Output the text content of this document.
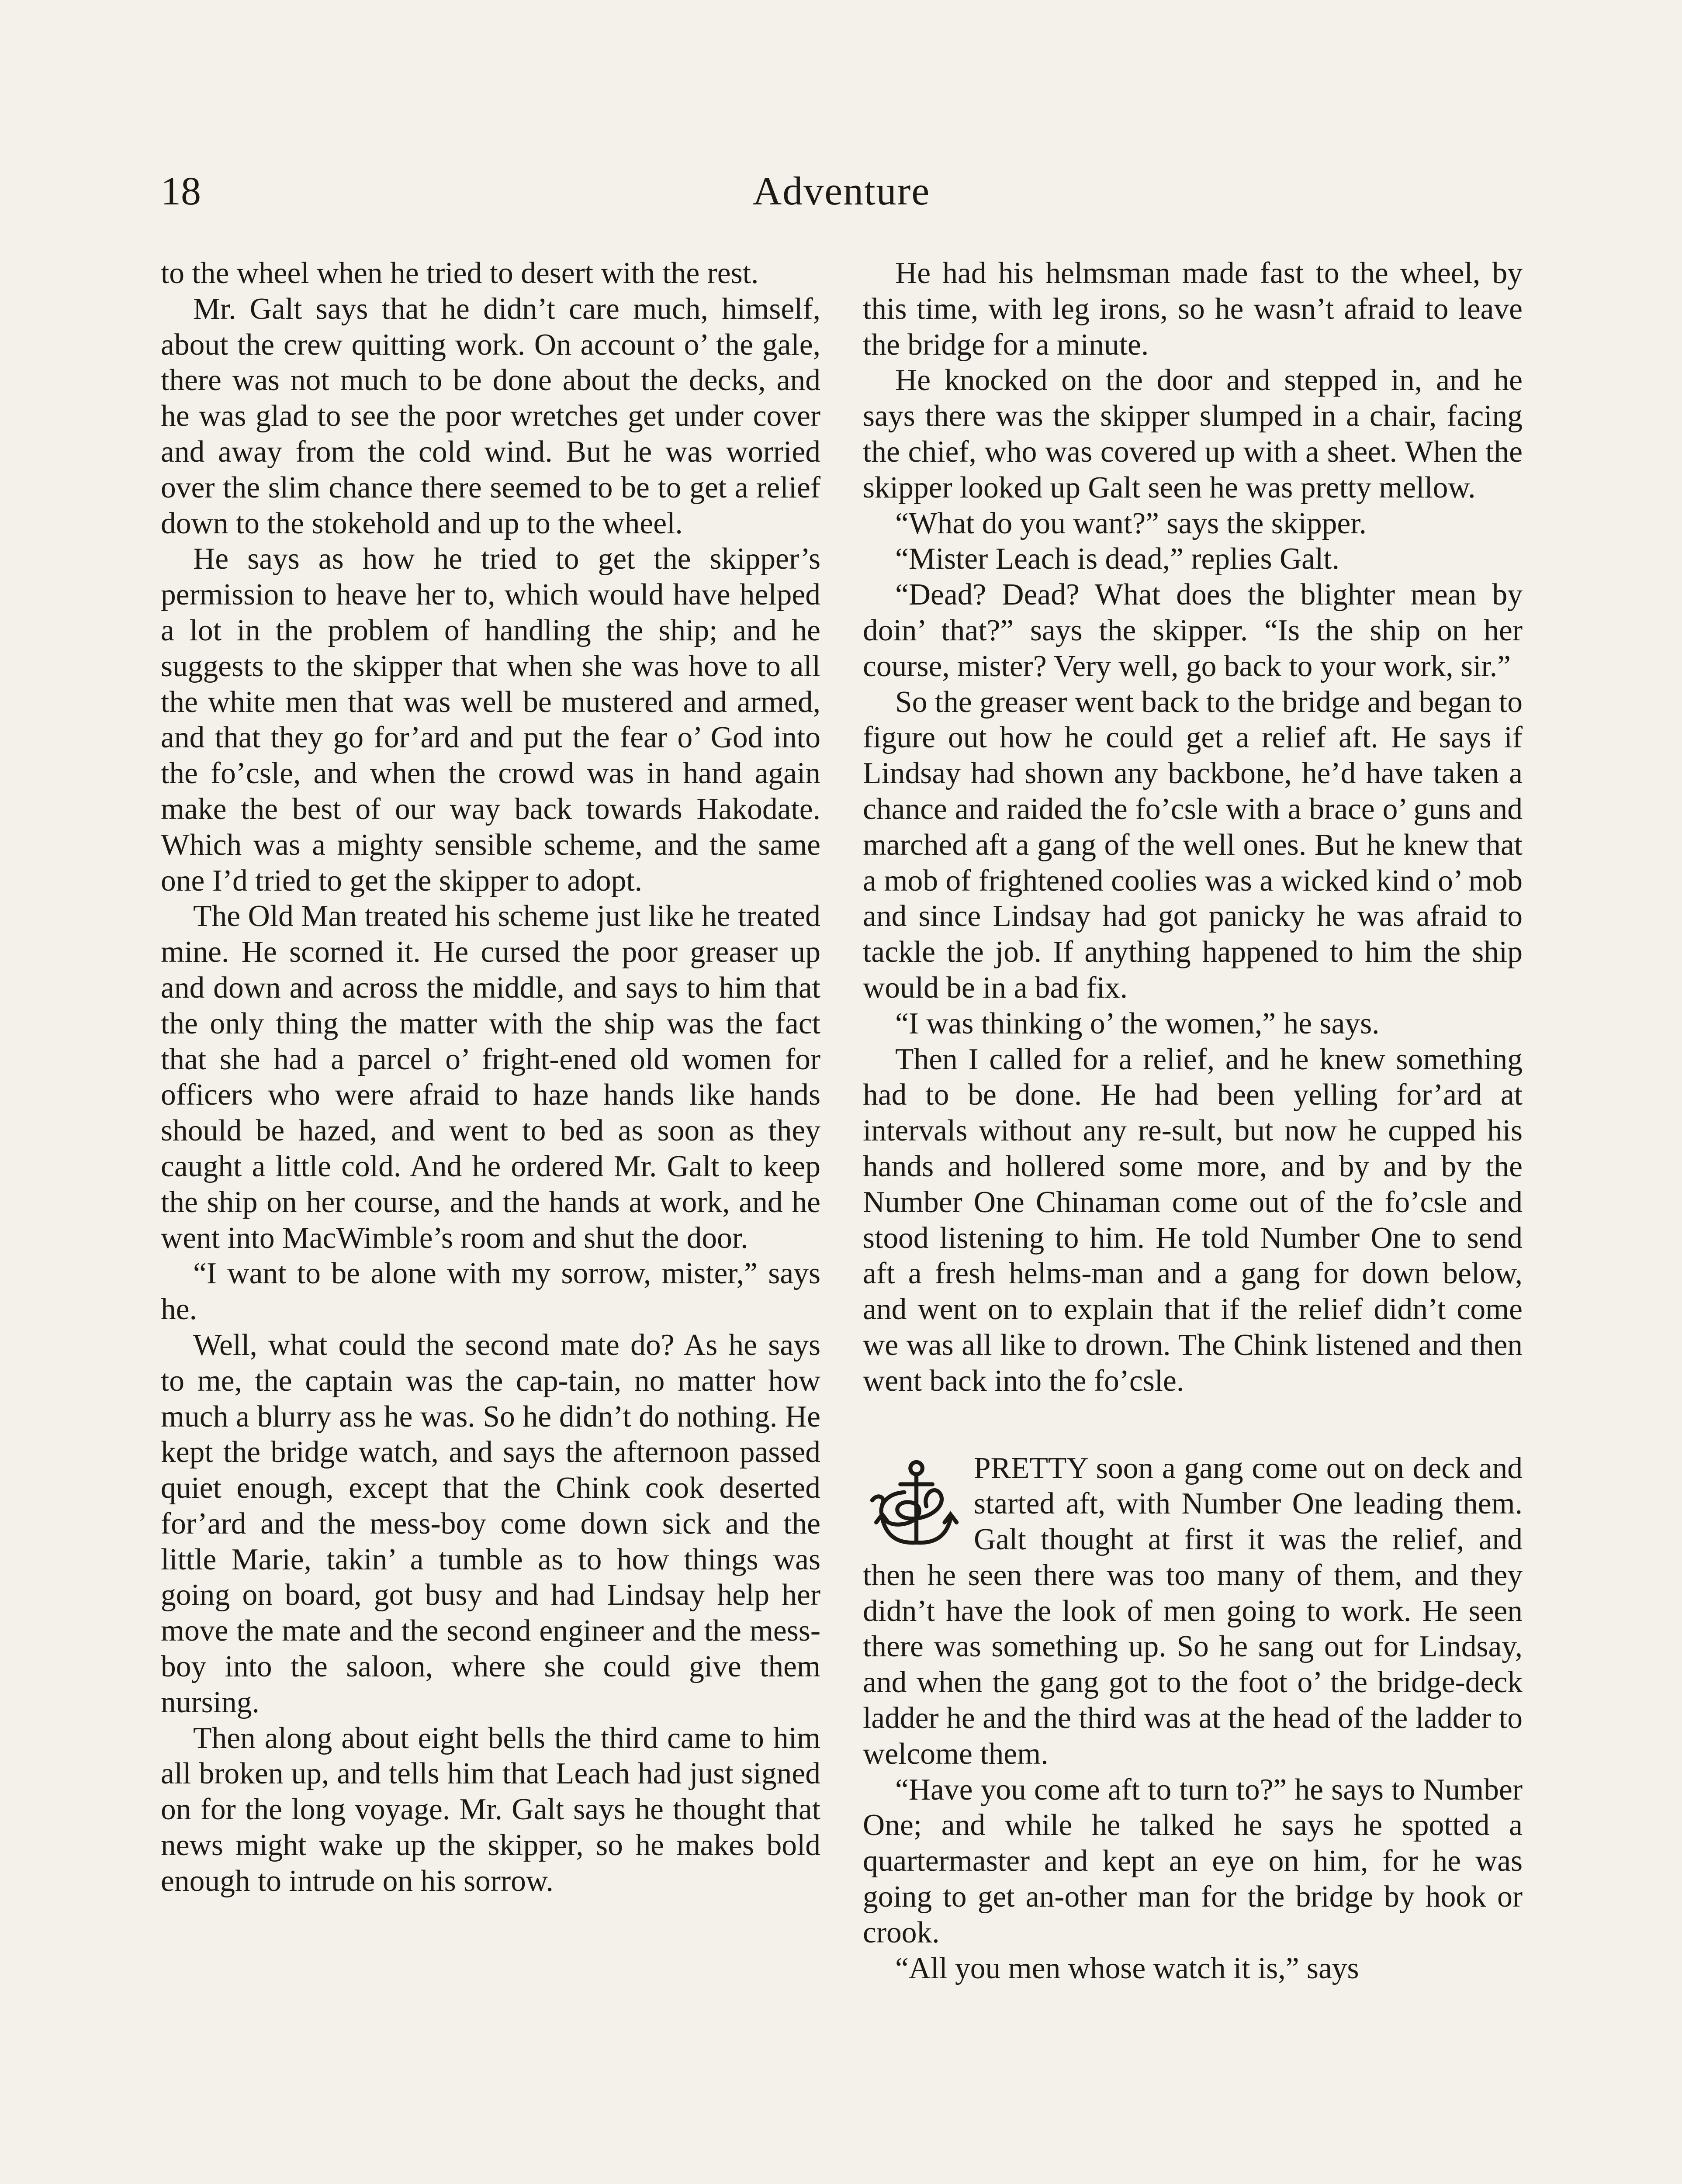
18	Adventure

to the wheel when he tried to desert with the rest.

Mr. Galt says that he didn’t care much, himself, about the crew quitting work. On account o’ the gale, there was not much to be done about the decks, and he was glad to see the poor wretches get under cover and away from the cold wind. But he was worried over the slim chance there seemed to be to get a relief down to the stokehold and up to the wheel.

He says as how he tried to get the skipper’s permission to heave her to, which would have helped a lot in the problem of handling the ship; and he suggests to the skipper that when she was hove to all the white men that was well be mustered and armed, and that they go for’ard and put the fear o’ God into the fo’csle, and when the crowd was in hand again make the best of our way back towards Hakodate. Which was a mighty sensible scheme, and the same one I’d tried to get the skipper to adopt.

The Old Man treated his scheme just like he treated mine. He scorned it. He cursed the poor greaser up and down and across the middle, and says to him that the only thing the matter with the ship was the fact that she had a parcel o’ fright-ened old women for officers who were afraid to haze hands like hands should be hazed, and went to bed as soon as they caught a little cold. And he ordered Mr. Galt to keep the ship on her course, and the hands at work, and he went into MacWimble’s room and shut the door.

“I want to be alone with my sorrow, mister,” says he.

Well, what could the second mate do? As he says to me, the captain was the cap-tain, no matter how much a blurry ass he was. So he didn’t do nothing. He kept the bridge watch, and says the afternoon passed quiet enough, except that the Chink cook deserted for’ard and the mess-boy come down sick and the little Marie, takin’ a tumble as to how things was going on board, got busy and had Lindsay help her move the mate and the second engineer and the mess-boy into the saloon, where she could give them nursing.

Then along about eight bells the third came to him all broken up, and tells him that Leach had just signed on for the long voyage. Mr. Galt says he thought that news might wake up the skipper, so he makes bold enough to intrude on his sorrow.

He had his helmsman made fast to the wheel, by this time, with leg irons, so he wasn’t afraid to leave the bridge for a minute.

He knocked on the door and stepped in, and he says there was the skipper slumped in a chair, facing the chief, who was covered up with a sheet. When the skipper looked up Galt seen he was pretty mellow.

“What do you want?” says the skipper.

“Mister Leach is dead,” replies Galt.

“Dead? Dead? What does the blighter mean by doin’ that?” says the skipper. “Is the ship on her course, mister? Very well, go back to your work, sir.”

So the greaser went back to the bridge and began to figure out how he could get a relief aft. He says if Lindsay had shown any backbone, he’d have taken a chance and raided the fo’csle with a brace o’ guns and marched aft a gang of the well ones. But he knew that a mob of frightened coolies was a wicked kind o’ mob and since Lindsay had got panicky he was afraid to tackle the job. If anything happened to him the ship would be in a bad fix.

“I was thinking o’ the women,” he says.

Then I called for a relief, and he knew something had to be done. He had been yelling for’ard at intervals without any re-sult, but now he cupped his hands and hollered some more, and by and by the Number One Chinaman come out of the fo’csle and stood listening to him. He told Number One to send aft a fresh helms-man and a gang for down below, and went on to explain that if the relief didn’t come we was all like to drown. The Chink listened and then went back into the fo’csle.

PRETTY soon a gang come out on deck and started aft, with Number One leading them. Galt thought at first it was the relief, and then he seen there was too many of them, and they didn’t have the look of men going to work. He seen there was something up. So he sang out for Lindsay, and when the gang got to the foot o’ the bridge-deck ladder he and the third was at the head of the ladder to welcome them.

“Have you come aft to turn to?” he says to Number One; and while he talked he says he spotted a quartermaster and kept an eye on him, for he was going to get an-other man for the bridge by hook or crook.

“All you men whose watch it is,” says
